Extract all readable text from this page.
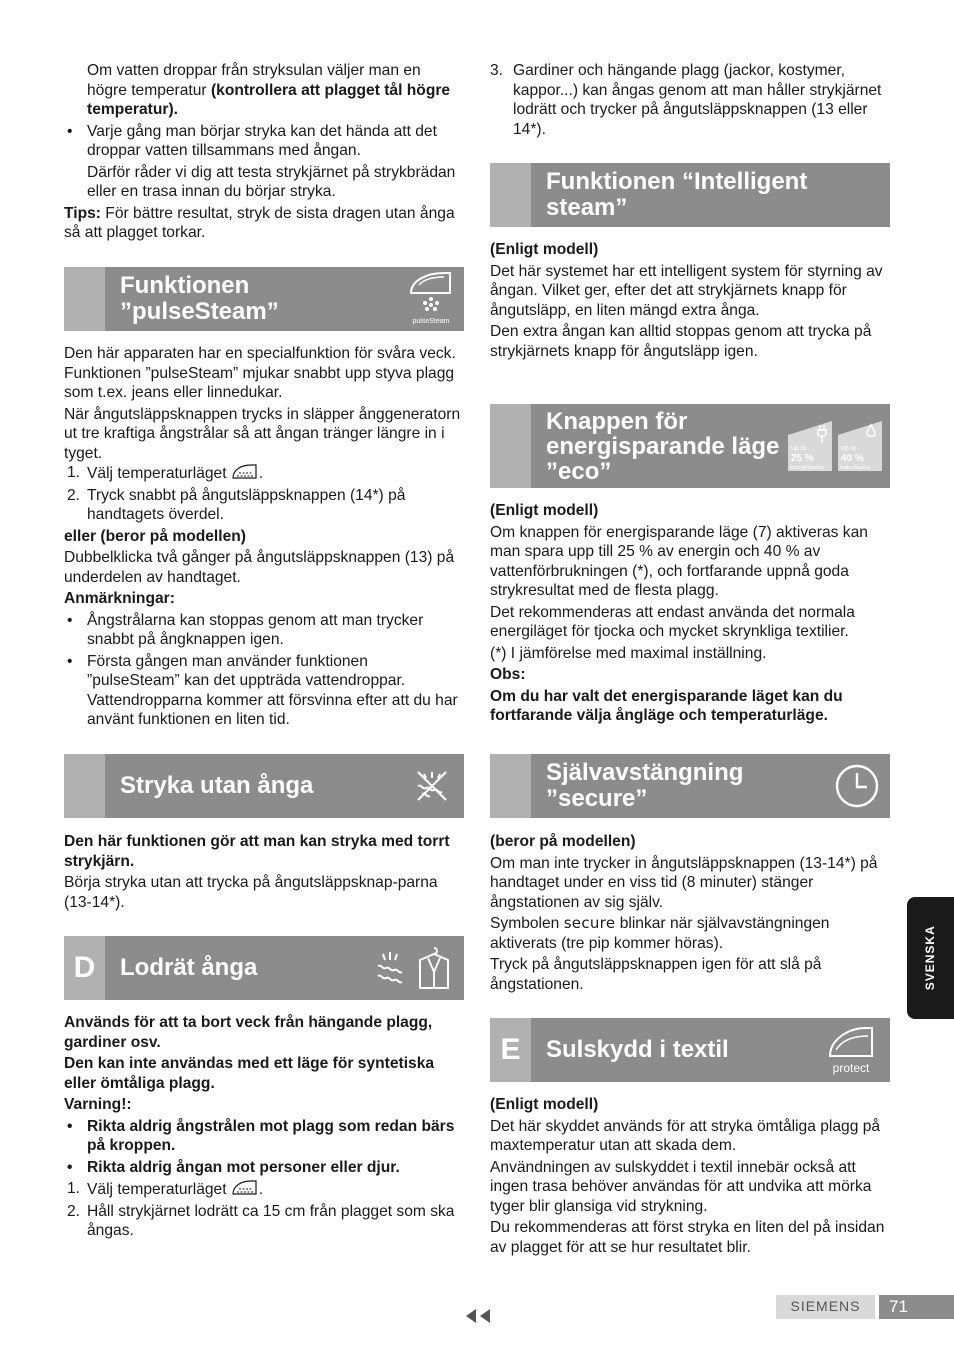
Om vatten droppar från stryksulan väljer man en högre temperatur (kontrollera att plagget tål högre temperatur).

• Varje gång man börjar stryka kan det hända att det droppar vatten tillsammans med ångan.

Därför råder vi dig att testa strykjärnet på strykbrädan eller en trasa innan du börjar stryka.

Tips: För bättre resultat, stryk de sista dragen utan ånga så att plagget torkar.

Funktionen ”pulseSteam”	pulseSteam

Den här apparaten har en specialfunktion för svåra veck. Funktionen ”pulseSteam” mjukar snabbt upp styva plagg som t.ex. jeans eller linnedukar.

När ångutsläppsknappen trycks in släpper ånggeneratorn ut tre kraftiga ångstrålar så att ångan tränger längre in i tyget.

1. Välj temperaturläget .
2. Tryck snabbt på ångutsläppsknappen (14*) på handtagets överdel.

eller (beror på modellen)

Dubbelklicka två gånger på ångutsläppsknappen (13) på underdelen av handtaget.

Anmärkningar:

• Ångstrålarna kan stoppas genom att man trycker snabbt på ångknappen igen.
• Första gången man använder funktionen ”pulseSteam” kan det uppträda vattendroppar. Vattendropparna kommer att försvinna efter att du har använt funktionen en liten tid.
Stryka utan ånga

Den här funktionen gör att man kan stryka med torrt strykjärn.

Börja stryka utan att trycka på ångutsläppsknap-parna (13-14*).

D	Lodrät ånga

Används för att ta bort veck från hängande plagg, gardiner osv.

Den kan inte användas med ett läge för syntetiska eller ömtåliga plagg.

Varning!:

• Rikta aldrig ångstrålen mot plagg som redan bärs på kroppen.
• Rikta aldrig ångan mot personer eller djur.
1. Välj temperaturläget .
2. Håll strykjärnet lodrätt ca 15 cm från plagget som ska ångas.
3. Gardiner och hängande plagg (jackor, kostymer, kappor...) kan ångas genom att man håller strykjärnet lodrätt och trycker på ångutsläppsknappen (13 eller 14*).
Funktionen “Intelligent steam”

(Enligt modell)

Det här systemet har ett intelligent system för styrning av ångan. Vilket ger, efter det att strykjärnets knapp för ångutsläpp, en liten mängd extra ånga.

Den extra ångan kan alltid stoppas genom att trycka på strykjärnets knapp för ångutsläpp igen.

Knappen för energisparande läge ”eco”
up to
25 %
energySaving
up to
40 %
waterSaving

(Enligt modell)

Om knappen för energisparande läge (7) aktiveras kan man spara upp till 25 % av energin och 40 % av vattenförbrukningen (*), och fortfarande uppnå goda strykresultat med de flesta plagg.

Det rekommenderas att endast använda det normala energiläget för tjocka och mycket skrynkliga textilier.

(*) I jämförelse med maximal inställning.

Obs:

Om du har valt det energisparande läget kan du fortfarande välja ångläge och temperaturläge.

Självavstängning ”secure”

(beror på modellen)

Om man inte trycker in ångutsläppsknappen (13-14*) på handtaget under en viss tid (8 minuter) stänger ångstationen av sig själv.

Symbolen secure blinkar när självavstängningen aktiverats (tre pip kommer höras).

Tryck på ångutsläppsknappen igen för att slå på ångstationen.

E	Sulskydd i textil
protect

(Enligt modell)

Det här skyddet används för att stryka ömtåliga plagg på maxtemperatur utan att skada dem.

Användningen av sulskyddet i textil innebär också att ingen trasa behöver användas för att undvika att mörka tyger blir glansiga vid strykning.

Du rekommenderas att först stryka en liten del på insidan av plagget för att se hur resultatet blir.

SVENSKA
SIEMENS 71
